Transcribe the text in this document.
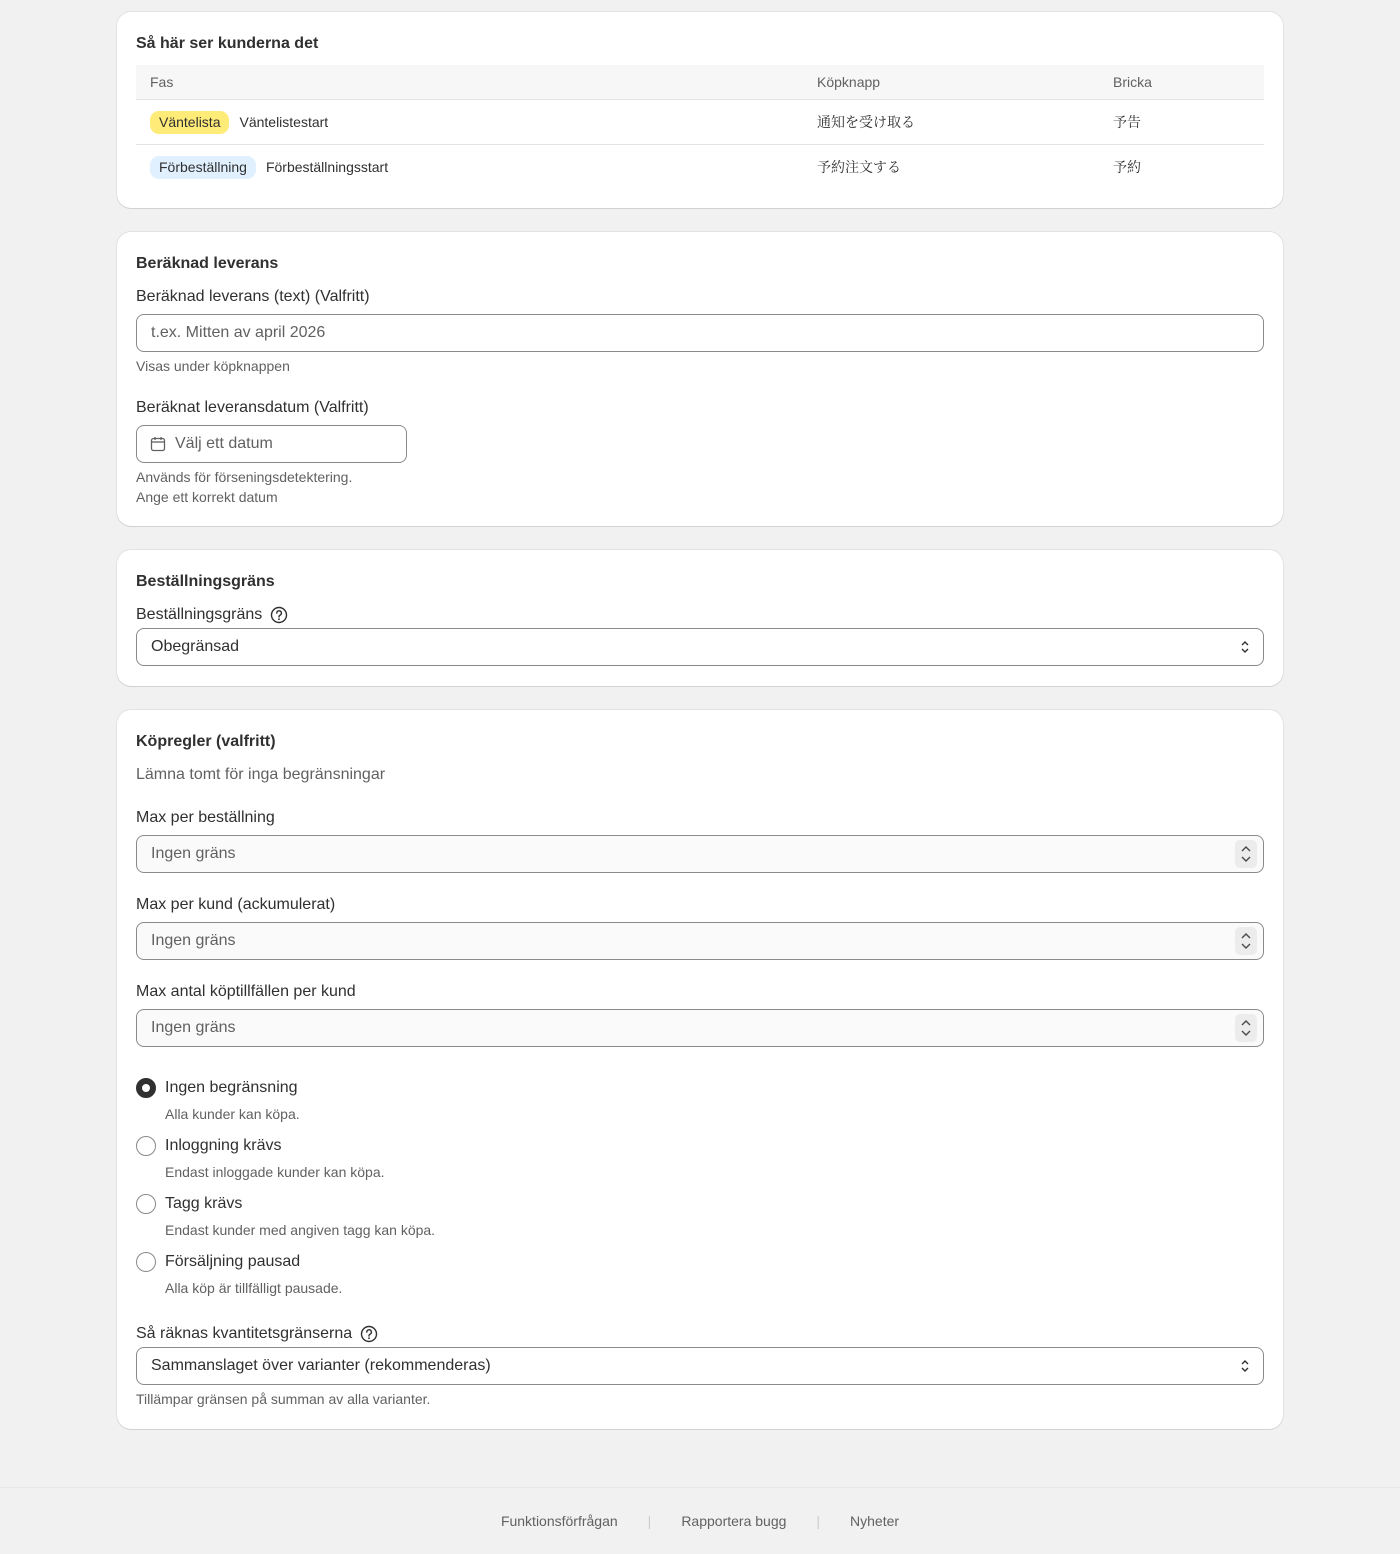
Så här ser kunderna det
Fas	Köpknapp	Bricka
Väntelista Väntelistestart	通知を受け取る	予告
Förbeställning Förbeställningsstart	予約注文する	予約
Beräknad leverans
Beräknad leverans (text) (Valfritt)
t.ex. Mitten av april 2026
Visas under köpknappen
Beräknat leveransdatum (Valfritt)
Välj ett datum
Används för förseningsdetektering.
Ange ett korrekt datum
Beställningsgräns
Beställningsgräns
Obegränsad
Köpregler (valfritt)
Lämna tomt för inga begränsningar
Max per beställning
Ingen gräns
Max per kund (ackumulerat)
Ingen gräns
Max antal köptillfällen per kund
Ingen gräns
Ingen begränsning
Alla kunder kan köpa.
Inloggning krävs
Endast inloggade kunder kan köpa.
Tagg krävs
Endast kunder med angiven tagg kan köpa.
Försäljning pausad
Alla köp är tillfälligt pausade.
Så räknas kvantitetsgränserna
Sammanslaget över varianter (rekommenderas)
Tillämpar gränsen på summan av alla varianter.
Funktionsförfrågan | Rapportera bugg | Nyheter
